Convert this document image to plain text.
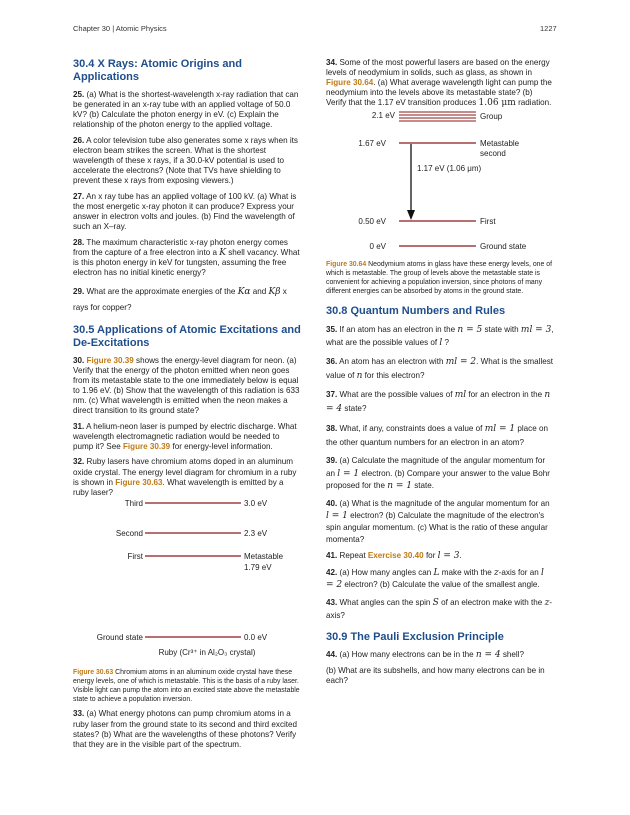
Chapter 30 | Atomic Physics	1227
30.4 X Rays: Atomic Origins and Applications

25. (a) What is the shortest-wavelength x-ray radiation that can be generated in an x-ray tube with an applied voltage of 50.0 kV? (b) Calculate the photon energy in eV. (c) Explain the relationship of the photon energy to the applied voltage.

26. A color television tube also generates some x rays when its electron beam strikes the screen. What is the shortest wavelength of these x rays, if a 30.0-kV potential is used to accelerate the electrons? (Note that TVs have shielding to prevent these x rays from exposing viewers.)

27. An x ray tube has an applied voltage of 100 kV. (a) What is the most energetic x-ray photon it can produce? Express your answer in electron volts and joules. (b) Find the wavelength of such an X–ray.

28. The maximum characteristic x-ray photon energy comes from the capture of a free electron into a K shell vacancy. What is this photon energy in keV for tungsten, assuming the free electron has no initial kinetic energy?

29. What are the approximate energies of the Kα and Kβ x rays for copper?

30.5 Applications of Atomic Excitations and De-Excitations

30. Figure 30.39 shows the energy-level diagram for neon. (a) Verify that the energy of the photon emitted when neon goes from its metastable state to the one immediately below is equal to 1.96 eV. (b) Show that the wavelength of this radiation is 633 nm. (c) What wavelength is emitted when the neon makes a direct transition to its ground state?

31. A helium-neon laser is pumped by electric discharge. What wavelength electromagnetic radiation would be needed to pump it? See Figure 30.39 for energy-level information.

32. Ruby lasers have chromium atoms doped in an aluminum oxide crystal. The energy level diagram for chromium in a ruby is shown in Figure 30.63. What wavelength is emitted by a ruby laser?

Third	3.0 eV
Second	2.3 eV
First	Metastable
1.79 eV
Ground state	0.0 eV
Ruby (Cr³⁺ in Al₂O₃ crystal)

Figure 30.63 Chromium atoms in an aluminum oxide crystal have these energy levels, one of which is metastable. This is the basis of a ruby laser. Visible light can pump the atom into an excited state above the metastable state to achieve a population inversion.

33. (a) What energy photons can pump chromium atoms in a ruby laser from the ground state to its second and third excited states? (b) What are the wavelengths of these photons? Verify that they are in the visible part of the spectrum.

34. Some of the most powerful lasers are based on the energy levels of neodymium in solids, such as glass, as shown in Figure 30.64. (a) What average wavelength light can pump the neodymium into the levels above its metastable state? (b) Verify that the 1.17 eV transition produces 1.06 μm radiation.

2.1 eV	Group
1.67 eV	Metastable
second
1.17 eV (1.06 μm)
0.50 eV	First
0 eV	Ground state

Figure 30.64 Neodymium atoms in glass have these energy levels, one of which is metastable. The group of levels above the metastable state is convenient for achieving a population inversion, since photons of many different energies can be absorbed by atoms in the ground state.

30.8 Quantum Numbers and Rules

35. If an atom has an electron in the n = 5 state with ml = 3, what are the possible values of l ?

36. An atom has an electron with ml = 2. What is the smallest value of n for this electron?

37. What are the possible values of ml for an electron in the n = 4 state?

38. What, if any, constraints does a value of ml = 1 place on the other quantum numbers for an electron in an atom?

39. (a) Calculate the magnitude of the angular momentum for an l = 1 electron. (b) Compare your answer to the value Bohr proposed for the n = 1 state.

40. (a) What is the magnitude of the angular momentum for an l = 1 electron? (b) Calculate the magnitude of the electron's spin angular momentum. (c) What is the ratio of these angular momenta?

41. Repeat Exercise 30.40 for l = 3.

42. (a) How many angles can L make with the z-axis for an l = 2 electron? (b) Calculate the value of the smallest angle.

43. What angles can the spin S of an electron make with the z-axis?

30.9 The Pauli Exclusion Principle

44. (a) How many electrons can be in the n = 4 shell?

(b) What are its subshells, and how many electrons can be in each?
